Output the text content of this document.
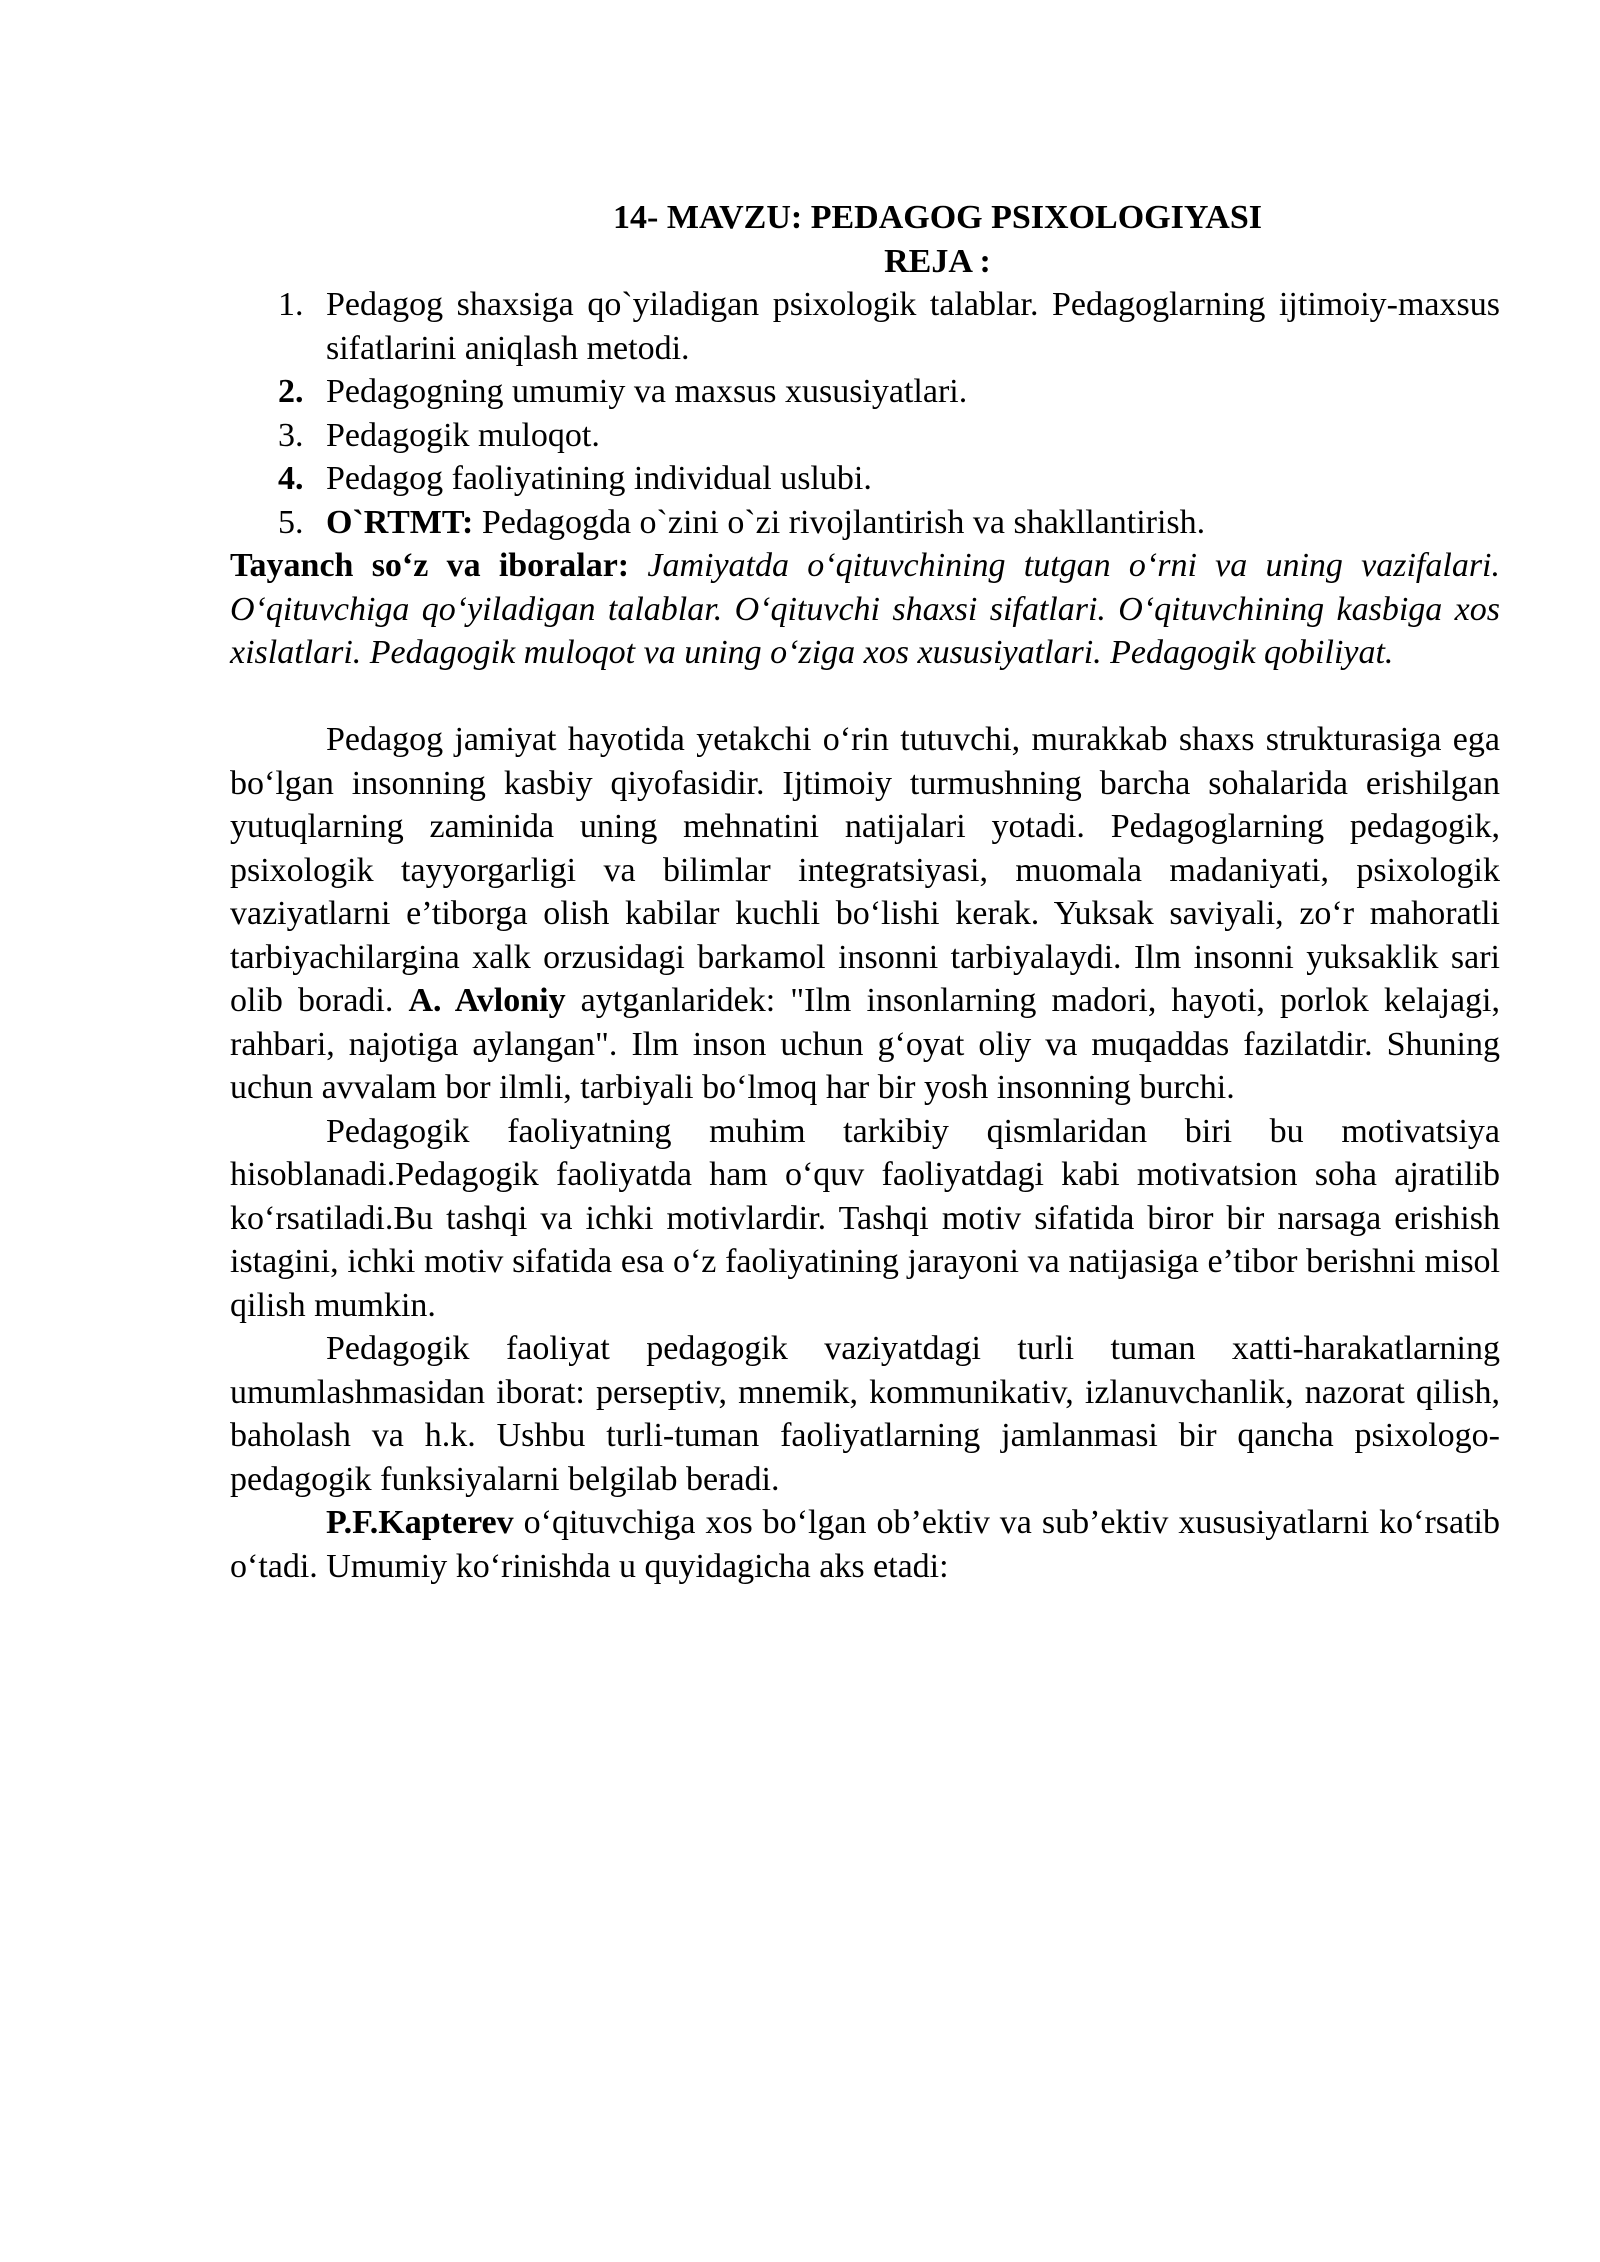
14- MAVZU: PEDAGOG PSIXOLOGIYASI
REJA :
1. Pedagog shaxsiga qo`yiladigan psixologik talablar. Pedagoglarning ijtimoiy-maxsus sifatlarini aniqlash metodi.
2. Pedagogning umumiy va maxsus xususiyatlari.
3. Pedagogik muloqot.
4. Pedagog faoliyatining individual uslubi.
5. O`RTMT: Pedagogda o`zini o`zi rivojlantirish va shakllantirish.

Tayanch so‘z va iboralar: Jamiyatda o‘qituvchining tutgan o‘rni va uning vazifalari. O‘qituvchiga qo‘yiladigan talablar. O‘qituvchi shaxsi sifatlari. O‘qituvchining kasbiga xos xislatlari. Pedagogik muloqot va uning o‘ziga xos xususiyatlari. Pedagogik qobiliyat.

Pedagog jamiyat hayotida yetakchi o‘rin tutuvchi, murakkab shaxs strukturasiga ega bo‘lgan insonning kasbiy qiyofasidir. Ijtimoiy turmushning barcha sohalarida erishilgan yutuqlarning zaminida uning mehnatini natijalari yotadi. Pedagoglarning pedagogik, psixologik tayyorgarligi va bilimlar integratsiyasi, muomala madaniyati, psixologik vaziyatlarni e’tiborga olish kabilar kuchli bo‘lishi kerak. Yuksak saviyali, zo‘r mahoratli tarbiyachilargina xalk orzusidagi barkamol insonni tarbiyalaydi. Ilm insonni yuksaklik sari olib boradi. A. Avloniy aytganlaridek: "Ilm insonlarning madori, hayoti, porlok kelajagi, rahbari, najotiga aylangan". Ilm inson uchun g‘oyat oliy va muqaddas fazilatdir. Shuning uchun avvalam bor ilmli, tarbiyali bo‘lmoq har bir yosh insonning burchi.

Pedagogik faoliyatning muhim tarkibiy qismlaridan biri bu motivatsiya hisoblanadi.Pedagogik faoliyatda ham o‘quv faoliyatdagi kabi motivatsion soha ajratilib ko‘rsatiladi.Bu tashqi va ichki motivlardir. Tashqi motiv sifatida biror bir narsaga erishish istagini, ichki motiv sifatida esa o‘z faoliyatining jarayoni va natijasiga e’tibor berishni misol qilish mumkin.

Pedagogik faoliyat pedagogik vaziyatdagi turli tuman xatti-harakatlarning umumlashmasidan iborat: perseptiv, mnemik, kommunikativ, izlanuvchanlik, nazorat qilish, baholash va h.k. Ushbu turli-tuman faoliyatlarning jamlanmasi bir qancha psixologo-pedagogik funksiyalarni belgilab beradi.

P.F.Kapterev o‘qituvchiga xos bo‘lgan ob’ektiv va sub’ektiv xususiyatlarni ko‘rsatib o‘tadi. Umumiy ko‘rinishda u quyidagicha aks etadi:
